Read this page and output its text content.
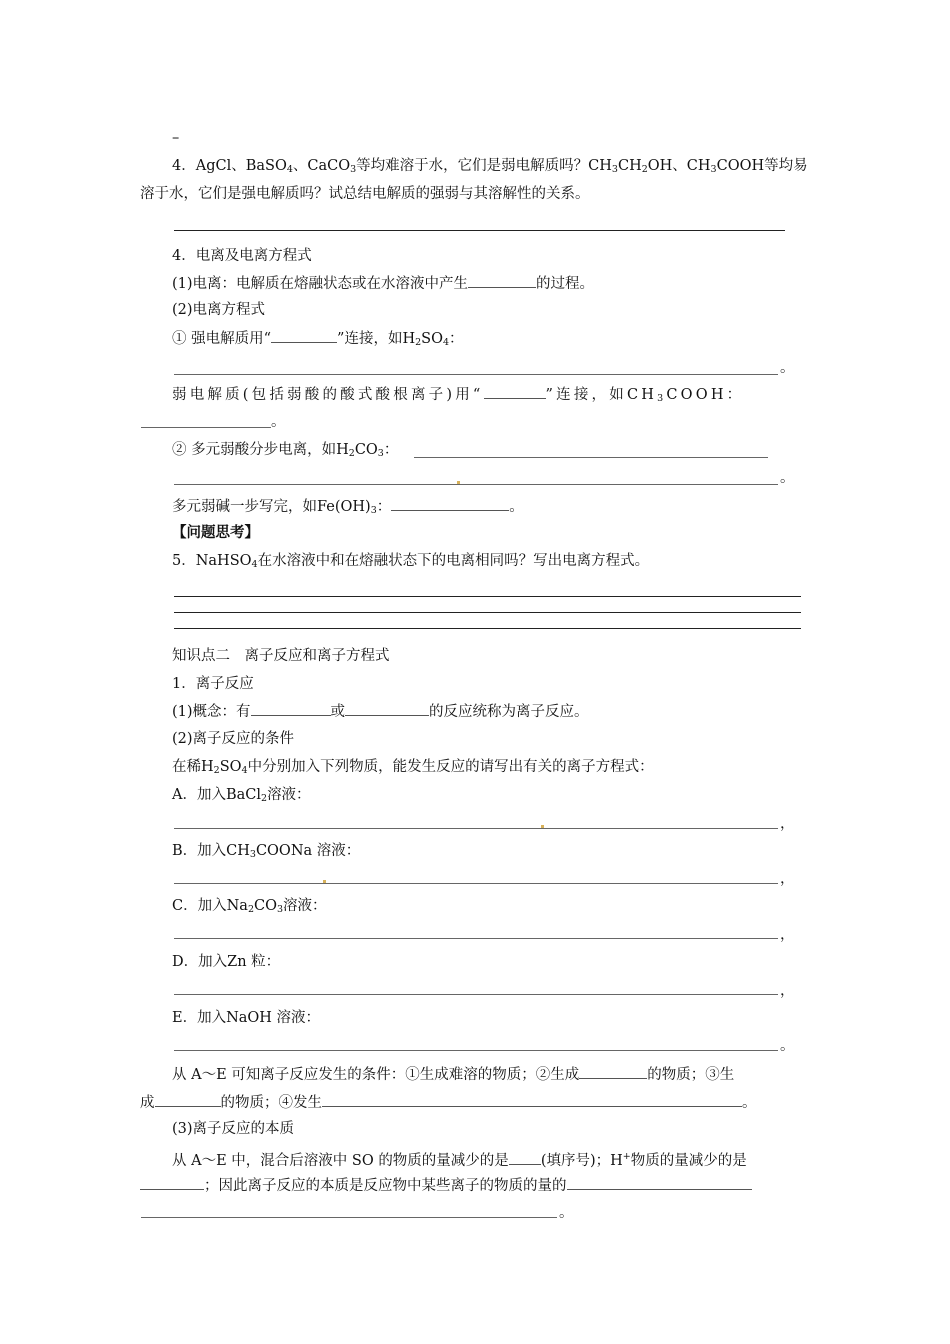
–
4．AgCl、BaSO$_4$、CaCO$_3$等均难溶于水，它们是弱电解质吗？$CH_3CH_2OH$、$CH_3COOH$等均易
溶于水，它们是强电解质吗？试总结电解质的强弱与其溶解性的关系。
4．电离及电离方程式
(1)电离：电解质在熔融状态或在水溶液中产生	的过程。
(2)电离方程式
① 强电解质用“	”连接，如$H_2SO_4$：
。
弱电解质(包括弱酸的酸式酸根离子)用“	”连接，如$CH_3COOH$：
。
② 多元弱酸分步电离，如$H_2CO_3$：
。
多元弱碱一步写完，如$Fe(OH)_3$：	。
【问题思考】
5．NaHSO$_4$在水溶液中和在熔融状态下的电离相同吗？写出电离方程式。
知识点二　离子反应和离子方程式
1．离子反应
(1)概念：有	或	的反应统称为离子反应。
(2)离子反应的条件
在稀$H_2SO_4$中分别加入下列物质，能发生反应的请写出有关的离子方程式：
A．加入BaCl$_2$溶液：
，
B．加入$CH_3COONa$ 溶液：
，
C．加入$Na_2CO_3$溶液：
，
D．加入Zn 粒：
，
E．加入NaOH 溶液：
。
从 A～E 可知离子反应发生的条件：①生成难溶的物质；②生成	的物质；③生
成	的物质；④发生	。
(3)离子反应的本质
从 A～E 中，混合后溶液中 SO 的物质的量减少的是 (填序号)；H+物质的量减少的是
；因此离子反应的本质是反应物中某些离子的物质的量的
。
